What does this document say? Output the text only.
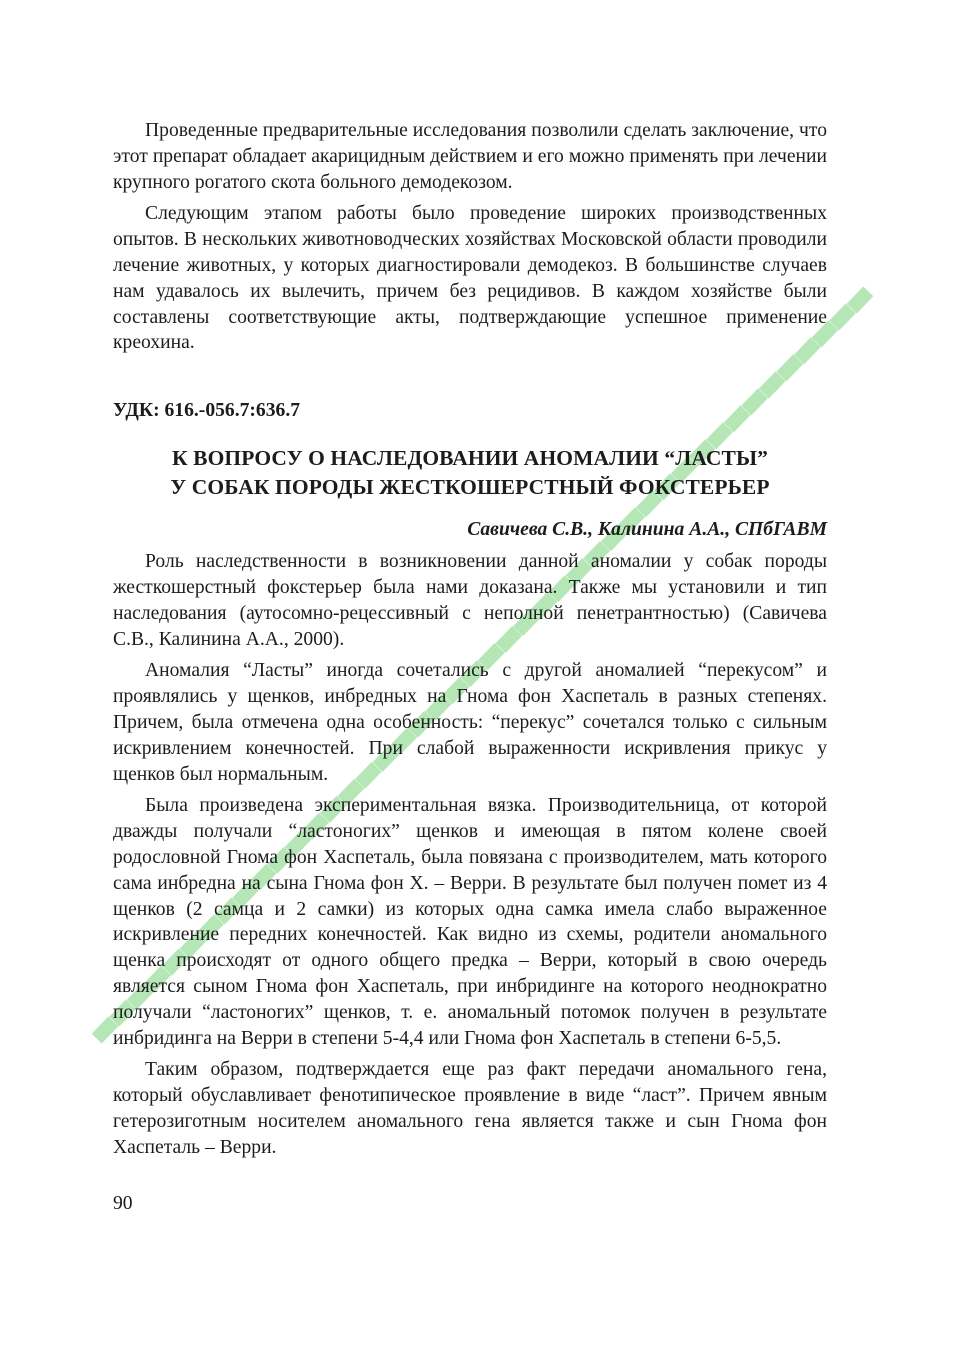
Проведенные предварительные исследования позволили сделать заключение, что этот препарат обладает акарицидным действием и его можно применять при лечении крупного рогатого скота больного демодекозом.

Следующим этапом работы было проведение широких производственных опытов. В нескольких животноводческих хозяйствах Московской области проводили лечение животных, у которых диагностировали демодекоз. В большинстве случаев нам удавалось их вылечить, причем без рецидивов. В каждом хозяйстве были составлены соответствующие акты, подтверждающие успешное применение креохина.

УДК: 616.-056.7:636.7

К ВОПРОСУ О НАСЛЕДОВАНИИ АНОМАЛИИ “ЛАСТЫ”
У СОБАК ПОРОДЫ ЖЕСТКОШЕРСТНЫЙ ФОКСТЕРЬЕР

Савичева С.В., Калинина А.А., СПбГАВМ

Роль наследственности в возникновении данной аномалии у собак породы жесткошерстный фокстерьер была нами доказана. Также мы установили и тип наследования (аутосомно-рецессивный с неполной пенетрантностью) (Савичева С.В., Калинина А.А., 2000).

Аномалия “Ласты” иногда сочетались с другой аномалией “перекусом” и проявлялись у щенков, инбредных на Гнома фон Хаспеталь в разных степенях. Причем, была отмечена одна особенность: “перекус” сочетался только с сильным искривлением конечностей. При слабой выраженности искривления прикус у щенков был нормальным.

Была произведена экспериментальная вязка. Производительница, от которой дважды получали “ластоногих” щенков и имеющая в пятом колене своей родословной Гнома фон Хаспеталь, была повязана с производителем, мать которого сама инбредна на сына Гнома фон Х. – Верри. В результате был получен помет из 4 щенков (2 самца и 2 самки) из которых одна самка имела слабо выраженное искривление передних конечностей. Как видно из схемы, родители аномального щенка происходят от одного общего предка – Верри, который в свою очередь является сыном Гнома фон Хаспеталь, при инбридинге на которого неоднократно получали “ластоногих” щенков, т. е. аномальный потомок получен в результате инбридинга на Верри в степени 5-4,4 или Гнома фон Хаспеталь в степени 6-5,5.

Таким образом, подтверждается еще раз факт передачи аномального гена, который обуславливает фенотипическое проявление в виде “ласт”. Причем явным гетерозиготным носителем аномального гена является также и сын Гнома фон Хаспеталь – Верри.

90
